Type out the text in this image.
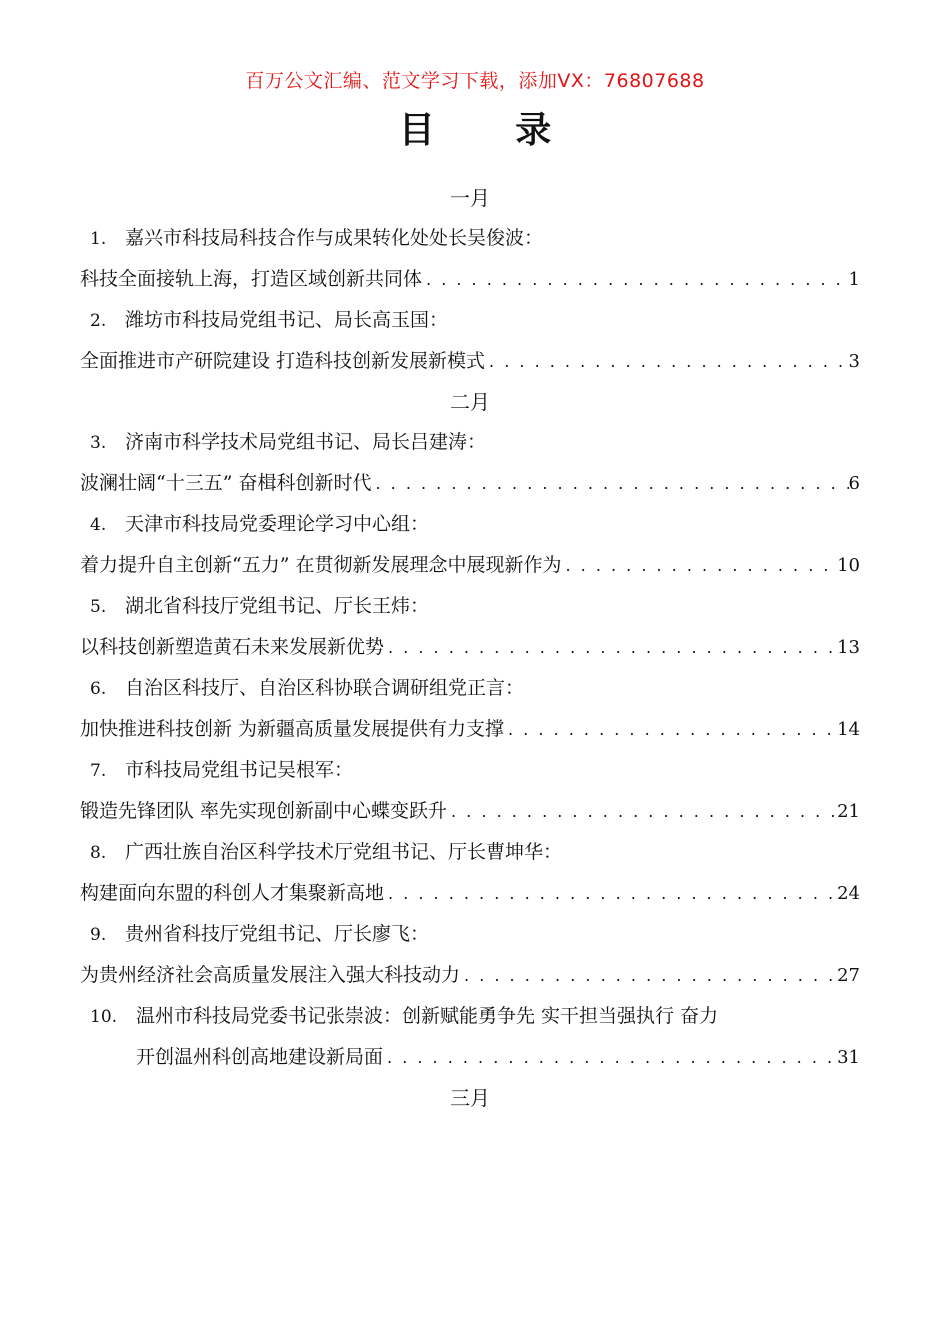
百万公文汇编、范文学习下载，添加VX：76807688
目 录
一月
1. 嘉兴市科技局科技合作与成果转化处处长吴俊波：
科技全面接轨上海，打造区域创新共同体 . . .	1
2. 潍坊市科技局党组书记、局长高玉国：
全面推进市产研院建设 打造科技创新发展新模式 . . .	3
二月
3. 济南市科学技术局党组书记、局长吕建涛：
波澜壮阔“十三五” 奋楫科创新时代 . . .	6
4. 天津市科技局党委理论学习中心组：
着力提升自主创新“五力” 在贯彻新发展理念中展现新作为 . . .	10
5. 湖北省科技厅党组书记、厅长王炜：
以科技创新塑造黄石未来发展新优势 . . .	13
6. 自治区科技厅、自治区科协联合调研组党正言：
加快推进科技创新 为新疆高质量发展提供有力支撑 . . .	14
7. 市科技局党组书记吴根军：
锻造先锋团队 率先实现创新副中心蝶变跃升 . . .	21
8. 广西壮族自治区科学技术厅党组书记、厅长曹坤华：
构建面向东盟的科创人才集聚新高地 . . .	24
9. 贵州省科技厅党组书记、厅长廖飞：
为贵州经济社会高质量发展注入强大科技动力 . . .	27
10. 温州市科技局党委书记张崇波：创新赋能勇争先 实干担当强执行 奋力
开创温州科创高地建设新局面 . . .	31
三月
